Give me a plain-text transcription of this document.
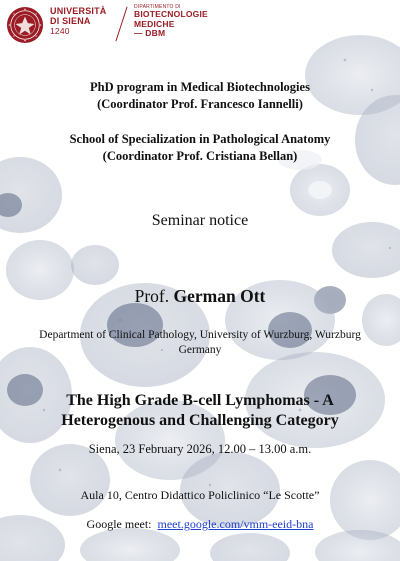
UNIVERSITÀ
DI SIENA
1240
DIPARTIMENTO DI
BIOTECNOLOGIE
MEDICHE
— DBM
PhD program in Medical Biotechnologies
(Coordinator Prof. Francesco Iannelli)
School of Specialization in Pathological Anatomy
(Coordinator Prof. Cristiana Bellan)
Seminar notice
Prof. German Ott
Department of Clinical Pathology, University of Wurzburg, Wurzburg
Germany
The High Grade B-cell Lymphomas - A
Heterogenous and Challenging Category
Siena, 23 February 2026, 12.00 – 13.00 a.m.
Aula 10, Centro Didattico Policlinico “Le Scotte”
Google meet: meet.google.com/vmm-eeid-bna
